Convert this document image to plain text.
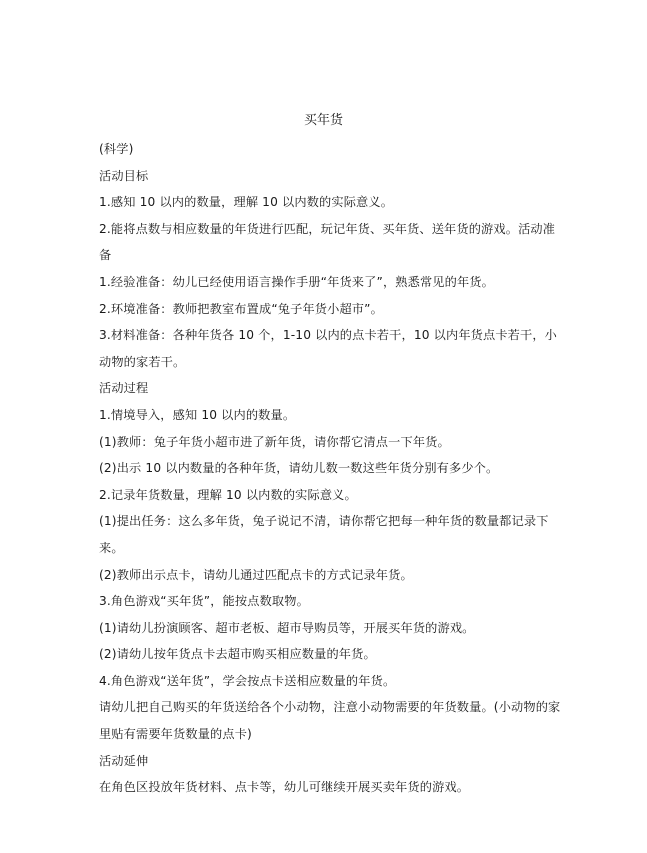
买年货

(科学)

活动目标

1.感知 10 以内的数量，理解 10 以内数的实际意义。

2.能将点数与相应数量的年货进行匹配，玩记年货、买年货、送年货的游戏。活动准备

1.经验准备：幼儿已经使用语言操作手册“年货来了”，熟悉常见的年货。

2.环境准备：教师把教室布置成“兔子年货小超市”。

3.材料准备：各种年货各 10 个，1-10 以内的点卡若干，10 以内年货点卡若干，小动物的家若干。

活动过程

1.情境导入，感知 10 以内的数量。

(1)教师：兔子年货小超市进了新年货，请你帮它清点一下年货。

(2)出示 10 以内数量的各种年货，请幼儿数一数这些年货分别有多少个。

2.记录年货数量，理解 10 以内数的实际意义。

(1)提出任务：这么多年货，兔子说记不清，请你帮它把每一种年货的数量都记录下来。

(2)教师出示点卡，请幼儿通过匹配点卡的方式记录年货。

3.角色游戏“买年货”，能按点数取物。

(1)请幼儿扮演顾客、超市老板、超市导购员等，开展买年货的游戏。

(2)请幼儿按年货点卡去超市购买相应数量的年货。

4.角色游戏“送年货”，学会按点卡送相应数量的年货。

请幼儿把自己购买的年货送给各个小动物，注意小动物需要的年货数量。(小动物的家里贴有需要年货数量的点卡)

活动延伸

在角色区投放年货材料、点卡等，幼儿可继续开展买卖年货的游戏。
